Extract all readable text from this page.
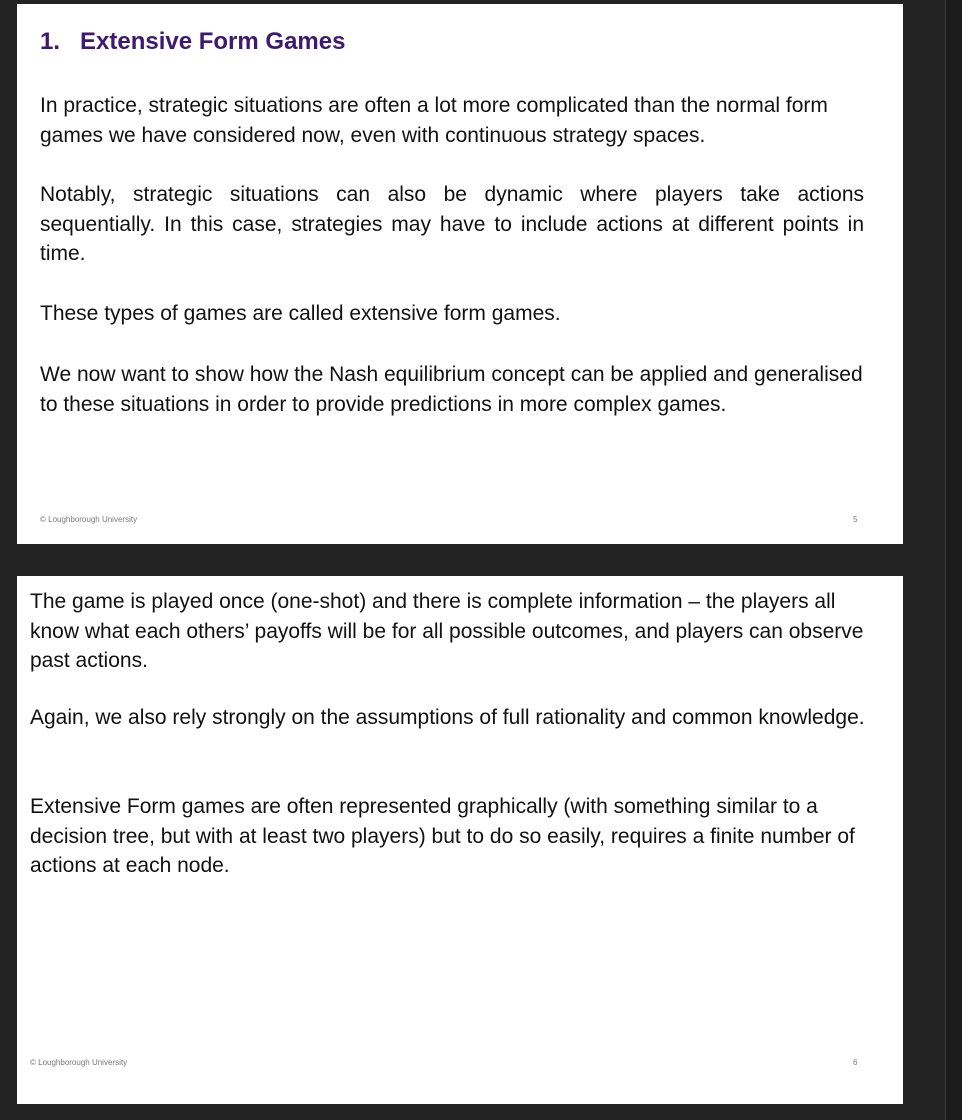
1. Extensive Form Games

In practice, strategic situations are often a lot more complicated than the normal form games we have considered now, even with continuous strategy spaces.

Notably, strategic situations can also be dynamic where players take actions sequentially. In this case, strategies may have to include actions at different points in time.

These types of games are called extensive form games.

We now want to show how the Nash equilibrium concept can be applied and generalised to these situations in order to provide predictions in more complex games.

© Loughborough University	5

The game is played once (one-shot) and there is complete information – the players all know what each others’ payoffs will be for all possible outcomes, and players can observe past actions.

Again, we also rely strongly on the assumptions of full rationality and common knowledge.

Extensive Form games are often represented graphically (with something similar to a decision tree, but with at least two players) but to do so easily, requires a finite number of actions at each node.

© Loughborough University	6
